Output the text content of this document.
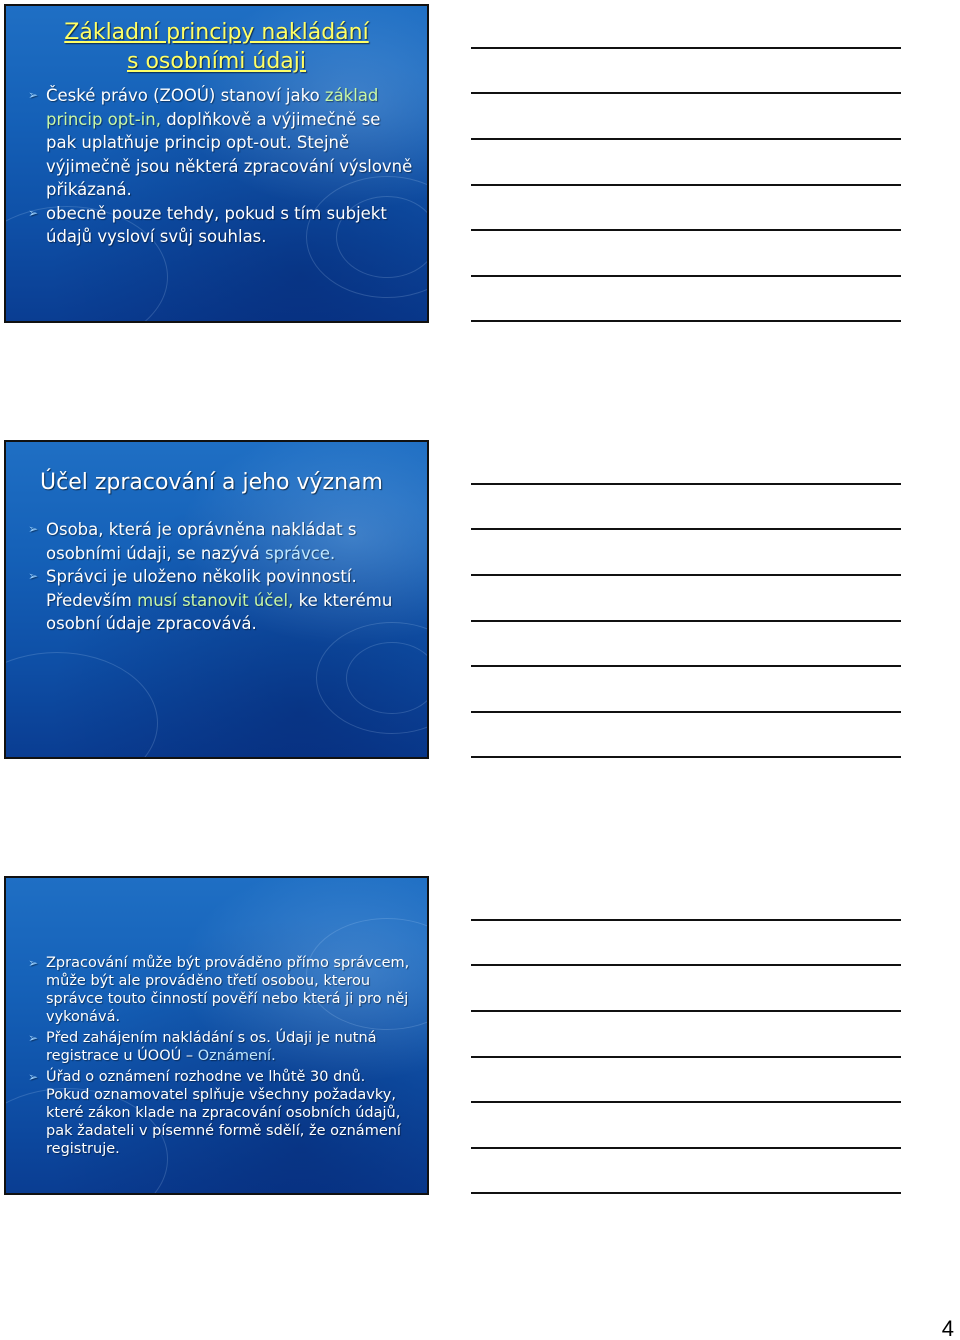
Základní principy nakládání
s osobními údaji
➢ České právo (ZOOÚ) stanoví jako základ princip opt-in, doplňkově a výjimečně se pak uplatňuje princip opt-out. Stejně výjimečně jsou některá zpracování výslovně přikázaná.
➢ obecně pouze tehdy, pokud s tím subjekt údajů vysloví svůj souhlas.
Účel zpracování a jeho význam
➢ Osoba, která je oprávněna nakládat s osobními údaji, se nazývá správce.
➢ Správci je uloženo několik povinností. Především musí stanovit účel, ke kterému osobní údaje zpracovává.
➢ Zpracování může být prováděno přímo správcem, může být ale prováděno třetí osobou, kterou správce touto činností pověří nebo která ji pro něj vykonává.
➢ Před zahájením nakládání s os. Údaji je nutná registrace u ÚOOÚ – Oznámení.
➢ Úřad o oznámení rozhodne ve lhůtě 30 dnů. Pokud oznamovatel splňuje všechny požadavky, které zákon klade na zpracování osobních údajů, pak žadateli v písemné formě sdělí, že oznámení registruje.
4
